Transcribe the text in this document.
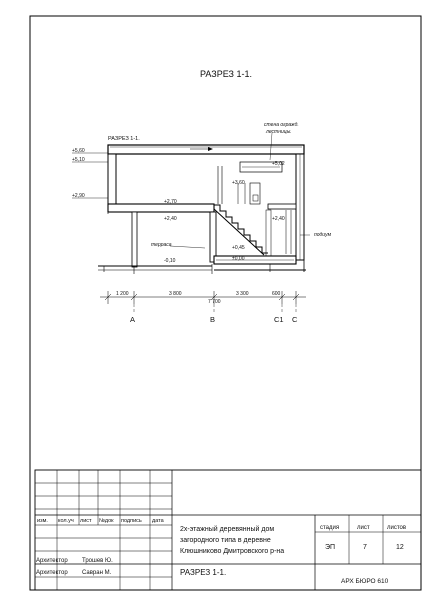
РАЗРЕЗ 1-1.
РАЗРЕЗ 1-1.
стена огражд.
лестницы.
терраса
подиум
+5,60
+5,10
+2,90
+5,02
+3,60
+2,70
+2,40	+2,40
+0,45
±0,00
-0,10
1 200	3 800	3 300	600
7 700
А	В	С1 С
изм. кол.уч лист №док подпись дата
2х-этажный деревянный дом
загородного типа в деревне
Клюшниково Дмитровского р-на
РАЗРЕЗ 1-1.
Архитектор Трошев Ю.
Архитектор Савран М.
стадия	лист	листов
ЭП	7	12
АРХ БЮРО 610
